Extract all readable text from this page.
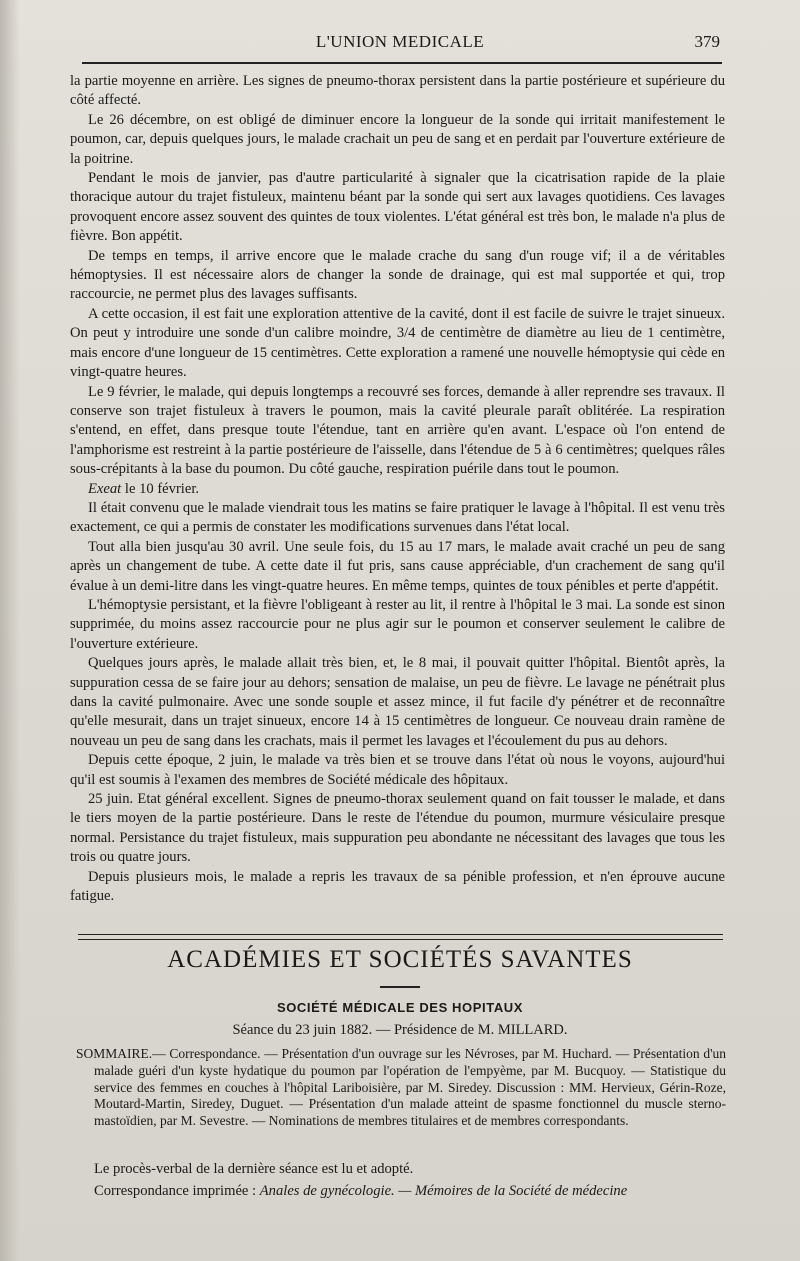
L'UNION MEDICALE	379

la partie moyenne en arrière. Les signes de pneumo-thorax persistent dans la partie postérieure et supérieure du côté affecté.

Le 26 décembre, on est obligé de diminuer encore la longueur de la sonde qui irritait manifestement le poumon, car, depuis quelques jours, le malade crachait un peu de sang et en perdait par l'ouverture extérieure de la poitrine.

Pendant le mois de janvier, pas d'autre particularité à signaler que la cicatrisation rapide de la plaie thoracique autour du trajet fistuleux, maintenu béant par la sonde qui sert aux lavages quotidiens. Ces lavages provoquent encore assez souvent des quintes de toux violentes. L'état général est très bon, le malade n'a plus de fièvre. Bon appétit.

De temps en temps, il arrive encore que le malade crache du sang d'un rouge vif; il a de véritables hémoptysies. Il est nécessaire alors de changer la sonde de drainage, qui est mal supportée et qui, trop raccourcie, ne permet plus des lavages suffisants.

A cette occasion, il est fait une exploration attentive de la cavité, dont il est facile de suivre le trajet sinueux. On peut y introduire une sonde d'un calibre moindre, 3/4 de centimètre de diamètre au lieu de 1 centimètre, mais encore d'une longueur de 15 centimètres. Cette exploration a ramené une nouvelle hémoptysie qui cède en vingt-quatre heures.

Le 9 février, le malade, qui depuis longtemps a recouvré ses forces, demande à aller reprendre ses travaux. Il conserve son trajet fistuleux à travers le poumon, mais la cavité pleurale paraît oblitérée. La respiration s'entend, en effet, dans presque toute l'étendue, tant en arrière qu'en avant. L'espace où l'on entend de l'amphorisme est restreint à la partie postérieure de l'aisselle, dans l'étendue de 5 à 6 centimètres; quelques râles sous-crépitants à la base du poumon. Du côté gauche, respiration puérile dans tout le poumon.

Exeat le 10 février.

Il était convenu que le malade viendrait tous les matins se faire pratiquer le lavage à l'hôpital. Il est venu très exactement, ce qui a permis de constater les modifications survenues dans l'état local.

Tout alla bien jusqu'au 30 avril. Une seule fois, du 15 au 17 mars, le malade avait craché un peu de sang après un changement de tube. A cette date il fut pris, sans cause appréciable, d'un crachement de sang qu'il évalue à un demi-litre dans les vingt-quatre heures. En même temps, quintes de toux pénibles et perte d'appétit.

L'hémoptysie persistant, et la fièvre l'obligeant à rester au lit, il rentre à l'hôpital le 3 mai. La sonde est sinon supprimée, du moins assez raccourcie pour ne plus agir sur le poumon et conserver seulement le calibre de l'ouverture extérieure.

Quelques jours après, le malade allait très bien, et, le 8 mai, il pouvait quitter l'hôpital. Bientôt après, la suppuration cessa de se faire jour au dehors; sensation de malaise, un peu de fièvre. Le lavage ne pénétrait plus dans la cavité pulmonaire. Avec une sonde souple et assez mince, il fut facile d'y pénétrer et de reconnaître qu'elle mesurait, dans un trajet sinueux, encore 14 à 15 centimètres de longueur. Ce nouveau drain ramène de nouveau un peu de sang dans les crachats, mais il permet les lavages et l'écoulement du pus au dehors.

Depuis cette époque, 2 juin, le malade va très bien et se trouve dans l'état où nous le voyons, aujourd'hui qu'il est soumis à l'examen des membres de Société médicale des hôpitaux.

25 juin. Etat général excellent. Signes de pneumo-thorax seulement quand on fait tousser le malade, et dans le tiers moyen de la partie postérieure. Dans le reste de l'étendue du poumon, murmure vésiculaire presque normal. Persistance du trajet fistuleux, mais suppuration peu abondante ne nécessitant des lavages que tous les trois ou quatre jours.

Depuis plusieurs mois, le malade a repris les travaux de sa pénible profession, et n'en éprouve aucune fatigue.

ACADÉMIES ET SOCIÉTÉS SAVANTES
SOCIÉTÉ MÉDICALE DES HOPITAUX
Séance du 23 juin 1882. — Présidence de M. MILLARD.

SOMMAIRE.— Correspondance. — Présentation d'un ouvrage sur les Névroses, par M. Huchard. — Présentation d'un malade guéri d'un kyste hydatique du poumon par l'opération de l'empyème, par M. Bucquoy. — Statistique du service des femmes en couches à l'hôpital Lariboisière, par M. Siredey. Discussion : MM. Hervieux, Gérin-Roze, Moutard-Martin, Siredey, Duguet. — Présentation d'un malade atteint de spasme fonctionnel du muscle sterno-mastoïdien, par M. Sevestre. — Nominations de membres titulaires et de membres correspondants.

Le procès-verbal de la dernière séance est lu et adopté.

Correspondance imprimée : Anales de gynécologie. — Mémoires de la Société de médecine
